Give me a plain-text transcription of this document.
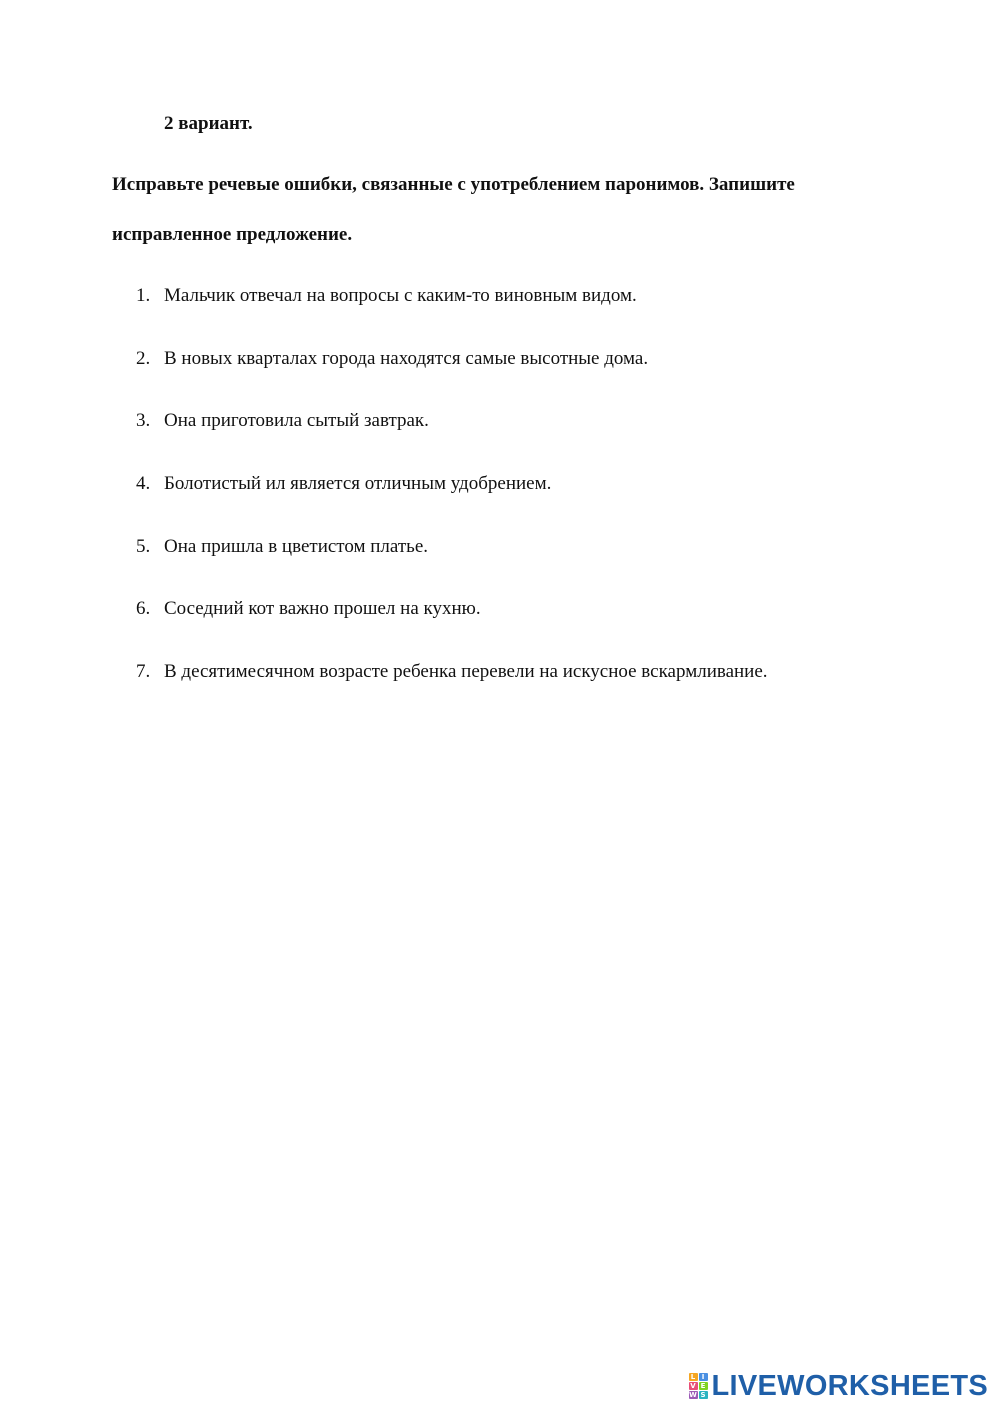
2 вариант.
Исправьте речевые ошибки, связанные с употреблением паронимов. Запишите
исправленное предложение.
1. Мальчик отвечал на вопросы с каким-то виновным видом.
2. В новых кварталах города находятся самые высотные дома.
3. Она приготовила сытый завтрак.
4. Болотистый ил является отличным удобрением.
5. Она пришла в цветистом платье.
6. Соседний кот важно прошел на кухню.
7. В десятимесячном возрасте ребенка перевели на искусное вскармливание.
L I
V E
W S LIVEWORKSHEETS
